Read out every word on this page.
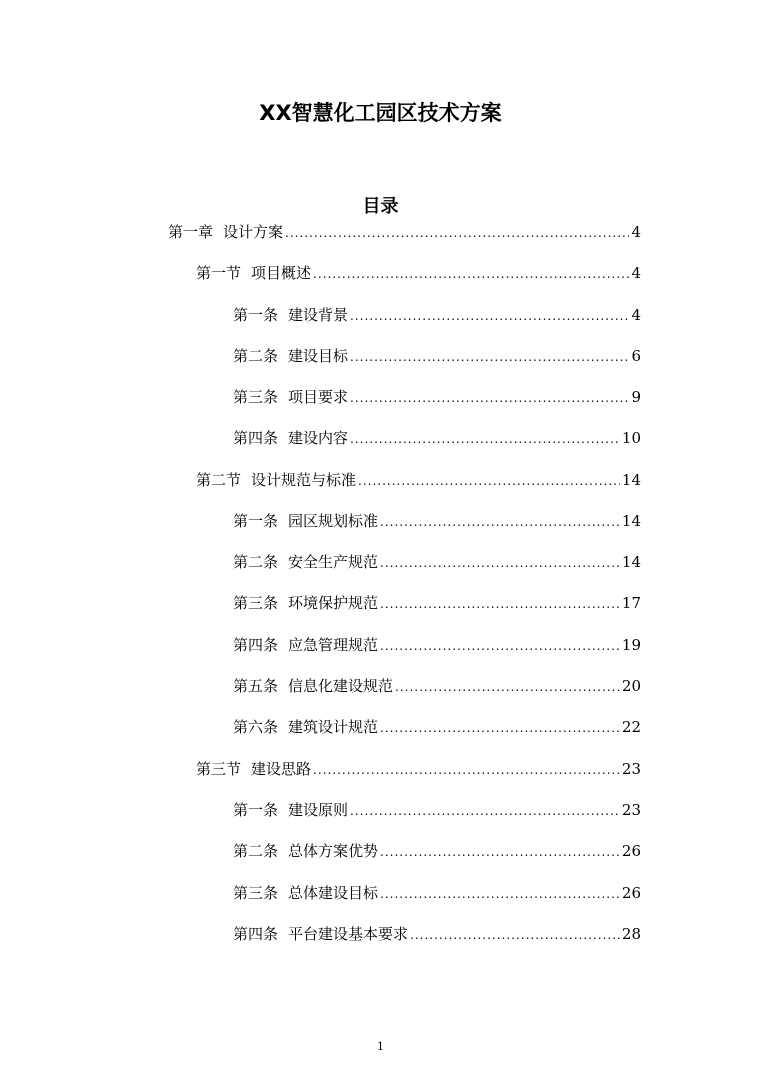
XX智慧化工园区技术方案
目录
第一章 设计方案 .....	4
第一节 项目概述 .....	4
第一条 建设背景 .....	4
第二条 建设目标 .....	6
第三条 项目要求 .....	9
第四条 建设内容 .....	10
第二节 设计规范与标准 .....	14
第一条 园区规划标准 .....	14
第二条 安全生产规范 .....	14
第三条 环境保护规范 .....	17
第四条 应急管理规范 .....	19
第五条 信息化建设规范 .....	20
第六条 建筑设计规范 .....	22
第三节 建设思路 .....	23
第一条 建设原则 .....	23
第二条 总体方案优势 .....	26
第三条 总体建设目标 .....	26
第四条 平台建设基本要求 .....	28
1
